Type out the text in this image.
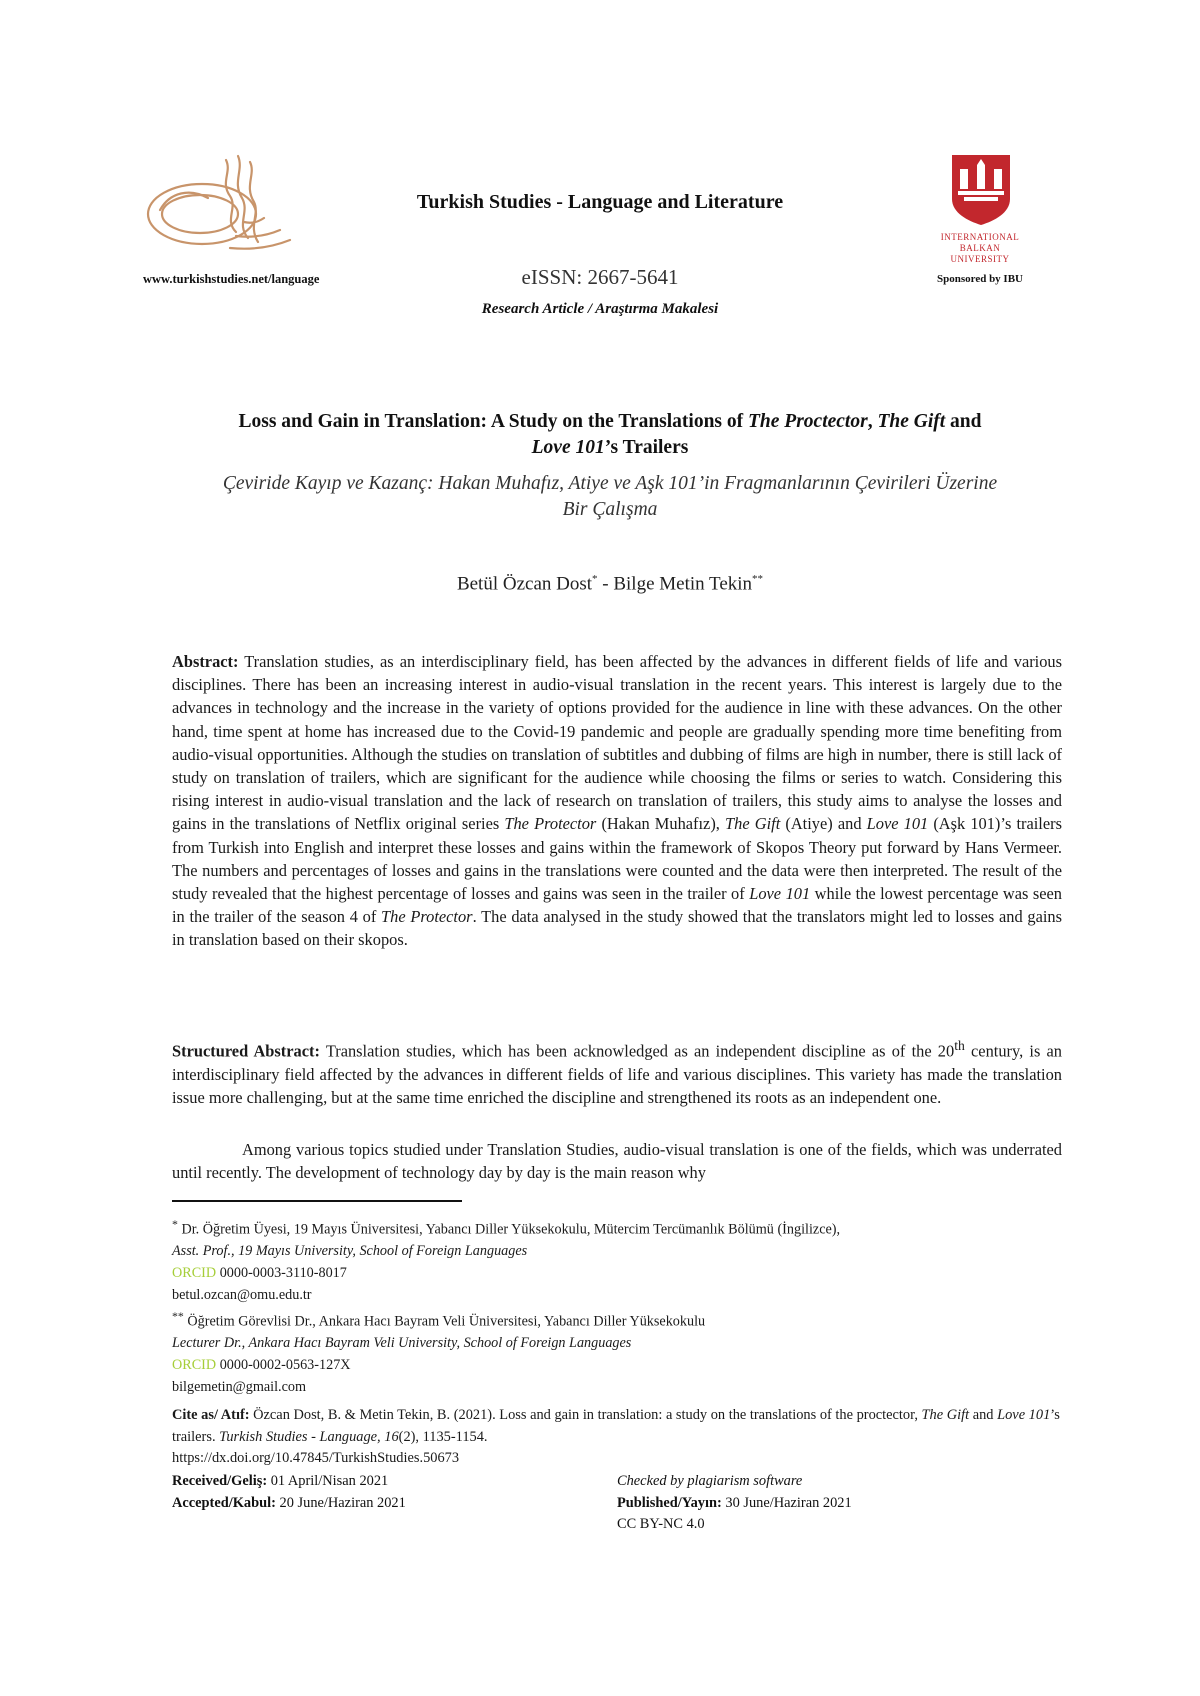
www.turkishstudies.net/language
Turkish Studies - Language and Literature
eISSN: 2667-5641
Research Article / Araştırma Makalesi
INTERNATIONAL
BALKAN
UNIVERSITY
Sponsored by IBU
Loss and Gain in Translation: A Study on the Translations of The Proctector, The Gift and
Love 101’s Trailers
Çeviride Kayıp ve Kazanç: Hakan Muhafız, Atiye ve Aşk 101’in Fragmanlarının Çevirileri Üzerine
Bir Çalışma
Betül Özcan Dost* - Bilge Metin Tekin**
Abstract: Translation studies, as an interdisciplinary field, has been affected by the advances in different fields of life and various disciplines. There has been an increasing interest in audio-visual translation in the recent years. This interest is largely due to the advances in technology and the increase in the variety of options provided for the audience in line with these advances. On the other hand, time spent at home has increased due to the Covid-19 pandemic and people are gradually spending more time benefiting from audio-visual opportunities. Although the studies on translation of subtitles and dubbing of films are high in number, there is still lack of study on translation of trailers, which are significant for the audience while choosing the films or series to watch. Considering this rising interest in audio-visual translation and the lack of research on translation of trailers, this study aims to analyse the losses and gains in the translations of Netflix original series The Protector (Hakan Muhafız), The Gift (Atiye) and Love 101 (Aşk 101)’s trailers from Turkish into English and interpret these losses and gains within the framework of Skopos Theory put forward by Hans Vermeer. The numbers and percentages of losses and gains in the translations were counted and the data were then interpreted. The result of the study revealed that the highest percentage of losses and gains was seen in the trailer of Love 101 while the lowest percentage was seen in the trailer of the season 4 of The Protector. The data analysed in the study showed that the translators might led to losses and gains in translation based on their skopos.
Structured Abstract: Translation studies, which has been acknowledged as an independent discipline as of the 20th century, is an interdisciplinary field affected by the advances in different fields of life and various disciplines. This variety has made the translation issue more challenging, but at the same time enriched the discipline and strengthened its roots as an independent one.
Among various topics studied under Translation Studies, audio-visual translation is one of the fields, which was underrated until recently. The development of technology day by day is the main reason why
* Dr. Öğretim Üyesi, 19 Mayıs Üniversitesi, Yabancı Diller Yüksekokulu, Mütercim Tercümanlık Bölümü (İngilizce),
Asst. Prof., 19 Mayıs University, School of Foreign Languages
ORCID 0000-0003-3110-8017
betul.ozcan@omu.edu.tr
** Öğretim Görevlisi Dr., Ankara Hacı Bayram Veli Üniversitesi, Yabancı Diller Yüksekokulu
Lecturer Dr., Ankara Hacı Bayram Veli University, School of Foreign Languages
ORCID 0000-0002-0563-127X
bilgemetin@gmail.com
Cite as/ Atıf: Özcan Dost, B. & Metin Tekin, B. (2021). Loss and gain in translation: a study on the translations of the proctector, The Gift and Love 101’s trailers. Turkish Studies - Language, 16(2), 1135-1154.
https://dx.doi.org/10.47845/TurkishStudies.50673
Received/Geliş: 01 April/Nisan 2021
Accepted/Kabul: 20 June/Haziran 2021
Checked by plagiarism software
Published/Yayın: 30 June/Haziran 2021
CC BY-NC 4.0
